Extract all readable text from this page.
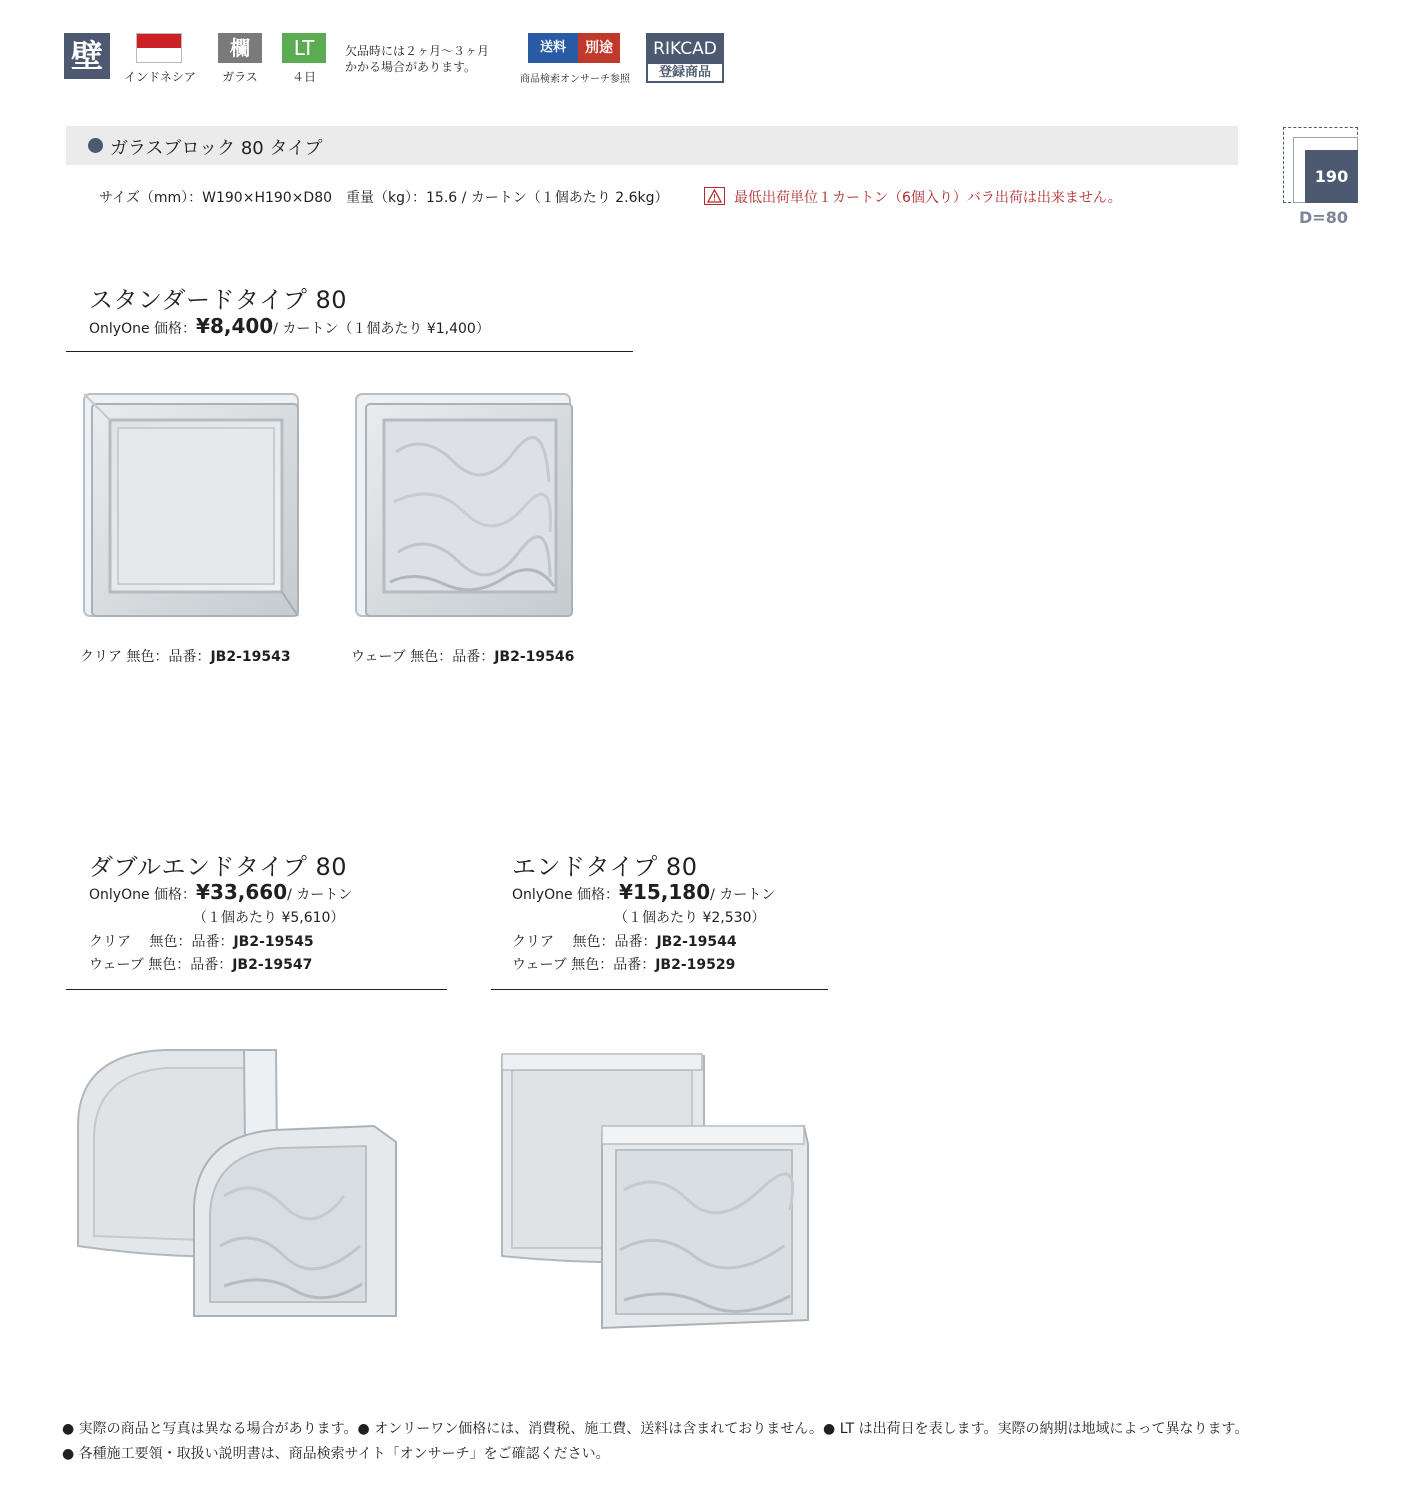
壁
インドネシア
欄
ガラス
LT
４日
欠品時には２ヶ月～３ヶ月
かかる場合があります。
送料	別途
商品検索オンサーチ参照
RIKCAD
登録商品
ガラスブロック 80 タイプ
サイズ（mm）：W190×H190×D80　重量（kg）：15.6 / カートン（１個あたり 2.6kg）	最低出荷単位１カートン（6個入り）バラ出荷は出来ません。
190
D=80
スタンダードタイプ 80
OnlyOne 価格：¥8,400/ カートン（１個あたり ¥1,400）
クリア 無色：品番：JB2-19543	ウェーブ 無色：品番：JB2-19546
ダブルエンドタイプ 80
OnlyOne 価格：¥33,660/ カートン
（１個あたり ¥5,610）
クリア　 無色：品番：JB2-19545
ウェーブ 無色：品番：JB2-19547
エンドタイプ 80
OnlyOne 価格：¥15,180/ カートン
（１個あたり ¥2,530）
クリア　 無色：品番：JB2-19544
ウェーブ 無色：品番：JB2-19529
● 実際の商品と写真は異なる場合があります。● オンリーワン価格には、消費税、施工費、送料は含まれておりません。● LT は出荷日を表します。実際の納期は地域によって異なります。
● 各種施工要領・取扱い説明書は、商品検索サイト「オンサーチ」をご確認ください。
